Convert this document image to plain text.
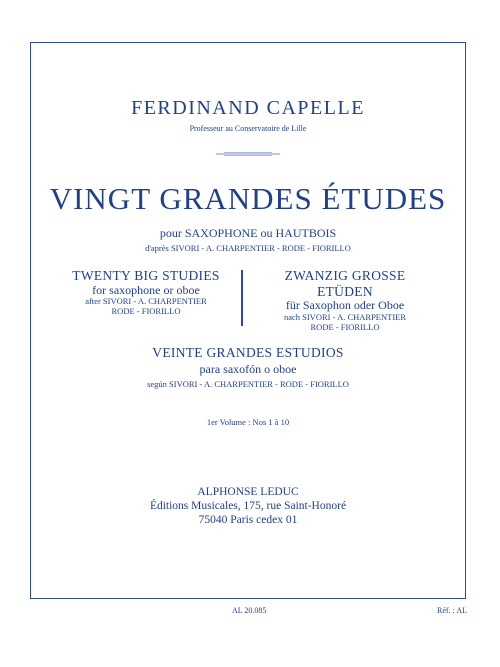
FERDINAND CAPELLE
Professeur au Conservatoire de Lille
VINGT GRANDES ÉTUDES
pour SAXOPHONE ou HAUTBOIS
d'après SIVORI - A. CHARPENTIER - RODE - FIORILLO
TWENTY BIG STUDIES
for saxophone or oboe
after SIVORI - A. CHARPENTIER
RODE - FIORILLO
ZWANZIG GROSSE ETÜDEN
für Saxophon oder Oboe
nach SIVORI - A. CHARPENTIER
RODE - FIORILLO
VEINTE GRANDES ESTUDIOS
para saxofón o oboe
según SIVORI - A. CHARPENTIER - RODE - FIORILLO
1er Volume : Nos 1 à 10
ALPHONSE LEDUC
Éditions Musicales, 175, rue Saint-Honoré
75040 Paris cedex 01
AL 20.085	Réf. : AL
